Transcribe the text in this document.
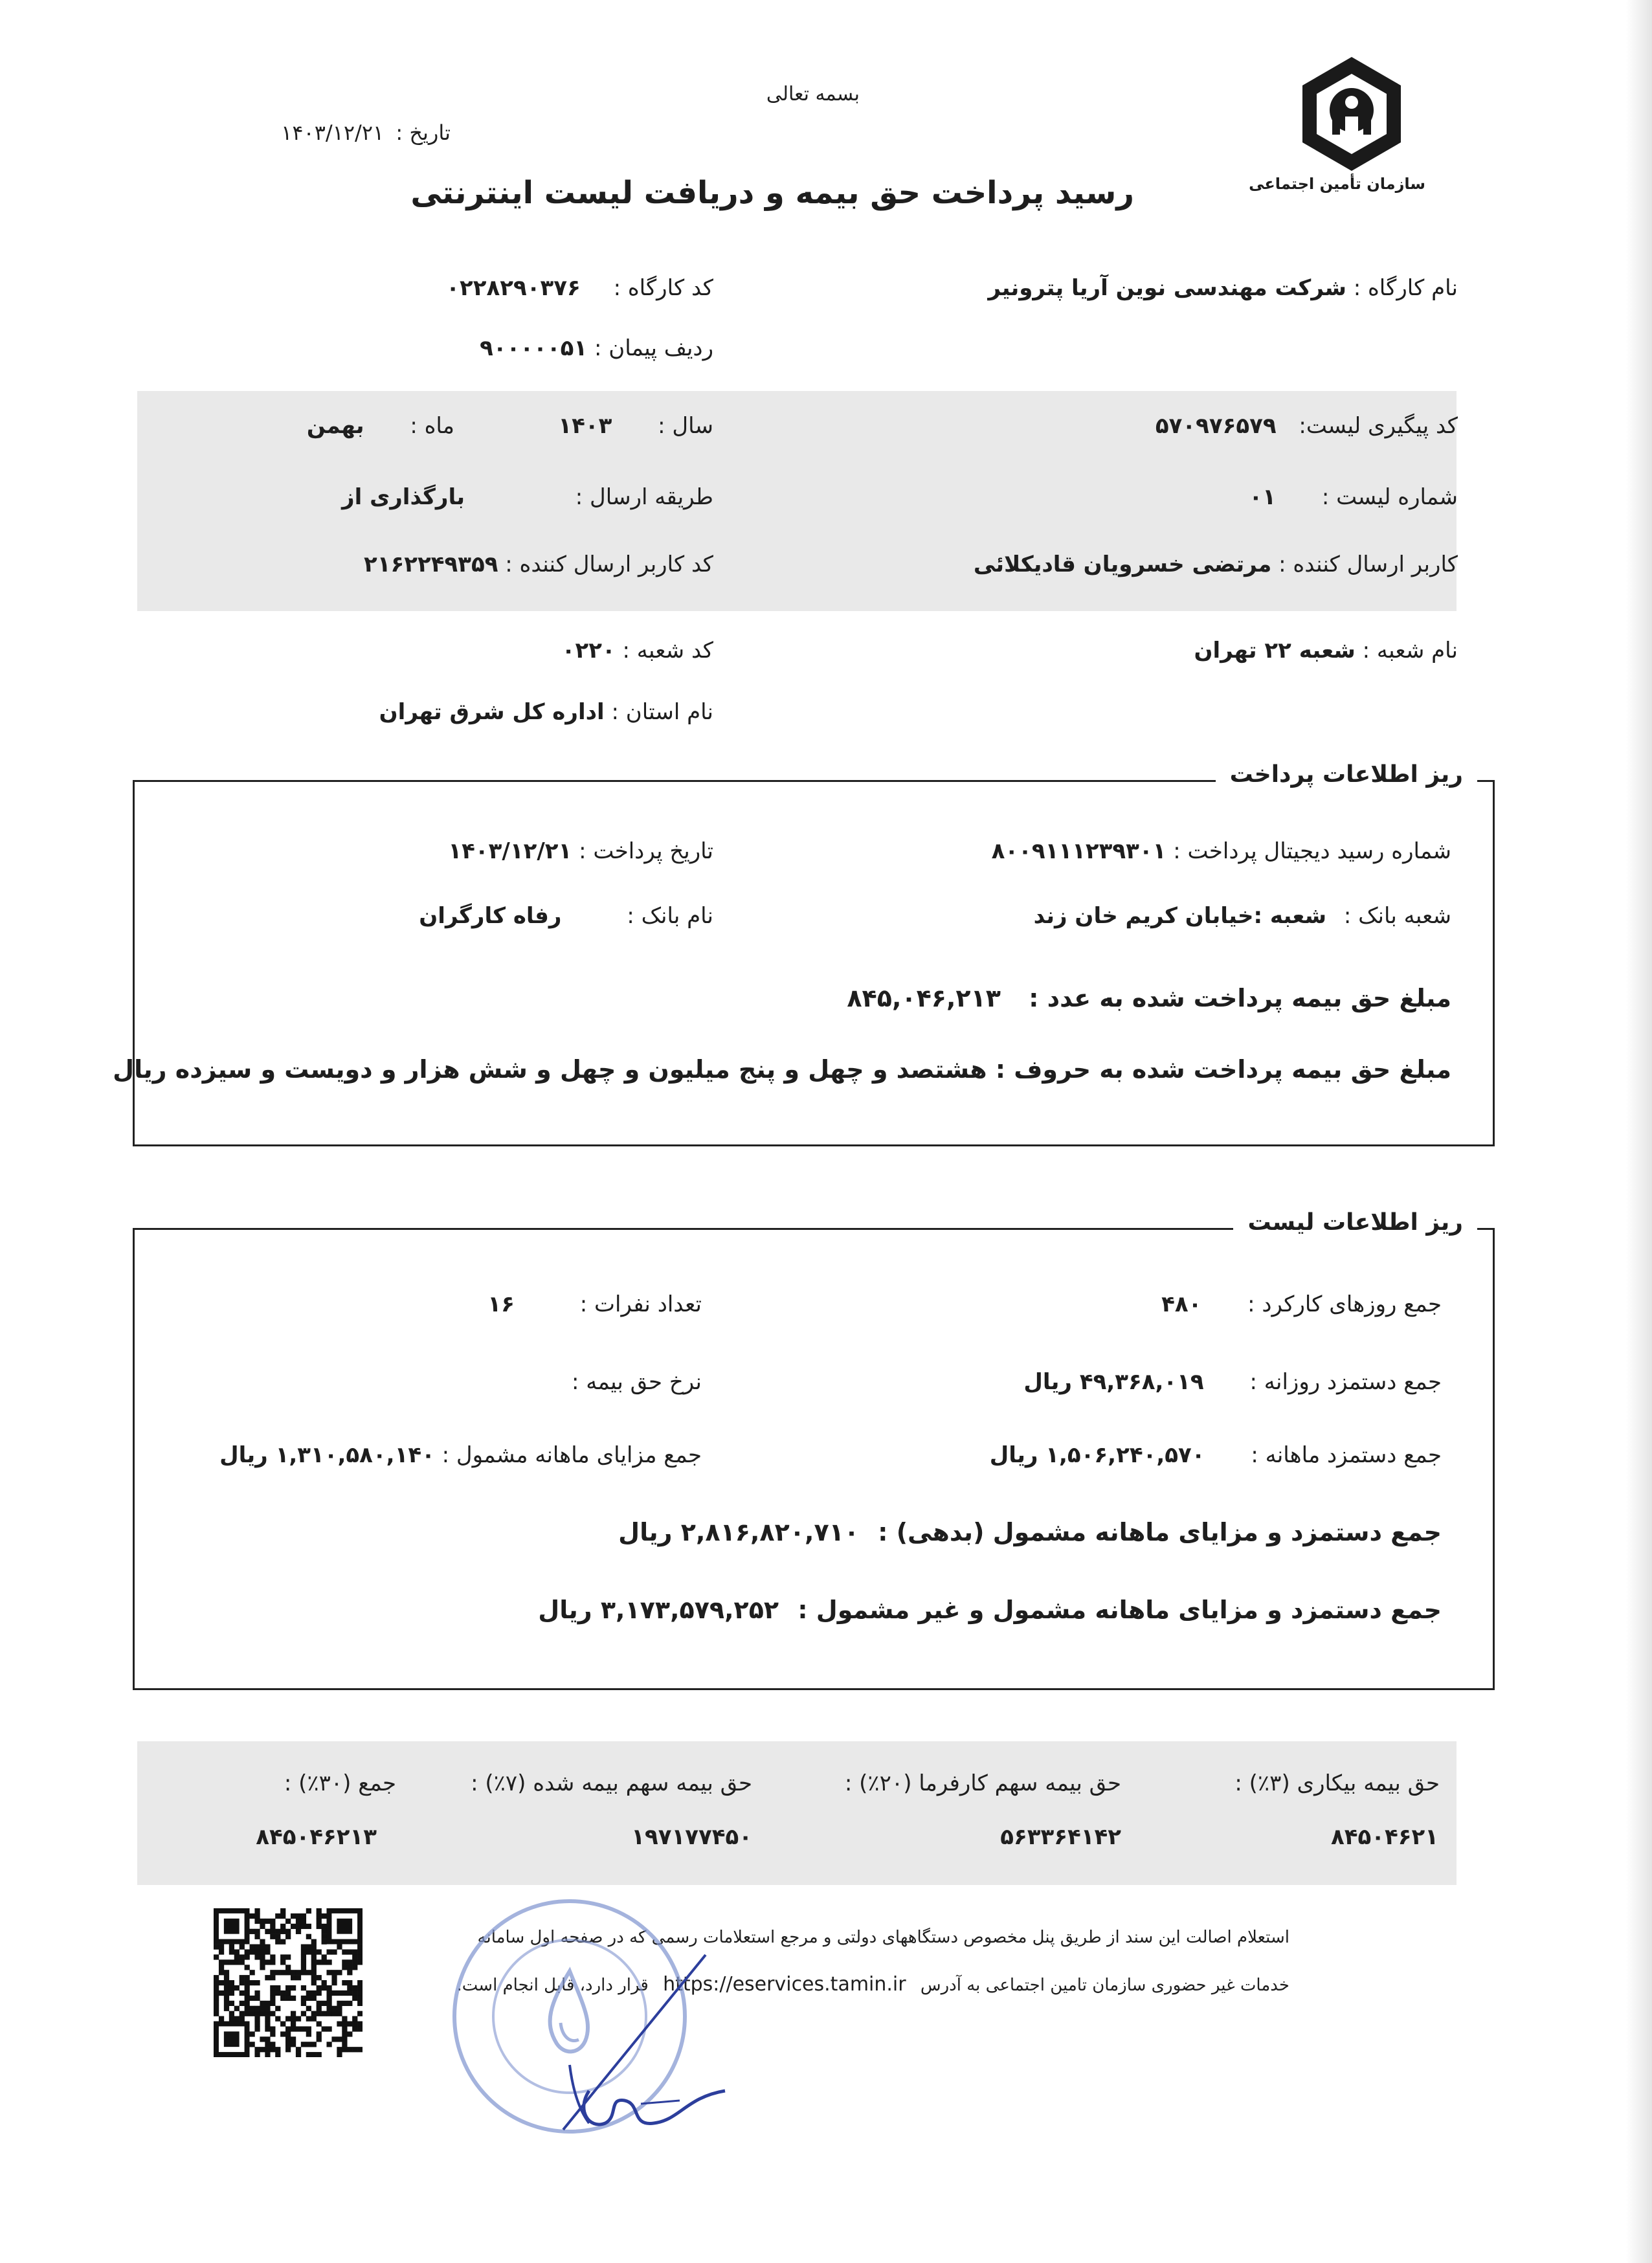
بسمه تعالی
تاریخ : ۱۴۰۳/۱۲/۲۱
رسید پرداخت حق بیمه و دریافت لیست اینترنتی	سازمان تأمین اجتماعی
نام کارگاه : شرکت مهندسی نوین آریا پترونیر
کد کارگاه : ۰۲۲۸۲۹۰۳۷۶
ردیف پیمان : ۹۰۰۰۰۰۵۱
کد پیگیری لیست: ۵۷۰۹۷۶۵۷۹
سال : ۱۴۰۳
ماه : بهمن
شماره لیست : ۰۱
طریقه ارسال : بارگذاری از
کاربر ارسال کننده : مرتضی خسرویان قادیکلائی
کد کاربر ارسال کننده : ۲۱۶۲۲۴۹۳۵۹
نام شعبه : شعبه ۲۲ تهران
کد شعبه : ۰۲۲۰
نام استان : اداره کل شرق تهران
ریز اطلاعات پرداخت
شماره رسید دیجیتال پرداخت : ۸۰۰۹۱۱۱۲۳۹۳۰۱
تاریخ پرداخت : ۱۴۰۳/۱۲/۲۱
شعبه بانک : شعبه :خیابان کریم خان زند
نام بانک : رفاه کارگران
مبلغ حق بیمه پرداخت شده به عدد : ۸۴۵,۰۴۶,۲۱۳
مبلغ حق بیمه پرداخت شده به حروف : هشتصد و چهل و پنج میلیون و چهل و شش هزار و دویست و سیزده ریال
ریز اطلاعات لیست
جمع روزهای کارکرد : ۴۸۰
تعداد نفرات : ۱۶
جمع دستمزد روزانه : ۴۹,۳۶۸,۰۱۹ ریال
نرخ حق بیمه :
جمع دستمزد ماهانه : ۱,۵۰۶,۲۴۰,۵۷۰ ریال
جمع مزایای ماهانه مشمول : ۱,۳۱۰,۵۸۰,۱۴۰ ریال
جمع دستمزد و مزایای ماهانه مشمول (بدهی) : ۲,۸۱۶,۸۲۰,۷۱۰ ریال
جمع دستمزد و مزایای ماهانه مشمول و غیر مشمول : ۳,۱۷۳,۵۷۹,۲۵۲ ریال
حق بیمه بیکاری (۳٪) :
۸۴۵۰۴۶۲۱
حق بیمه سهم کارفرما (۲۰٪) :
۵۶۳۳۶۴۱۴۲
حق بیمه سهم بیمه شده (۷٪) :
۱۹۷۱۷۷۴۵۰
جمع (۳۰٪) :
۸۴۵۰۴۶۲۱۳
استعلام اصالت این سند از طریق پنل مخصوص دستگاههای دولتی و مرجع استعلامات رسمی که در صفحه اول سامانه
خدمات غیر حضوری سازمان تامین اجتماعی به آدرس https://eservices.tamin.ir قرار دارد، قابل انجام است.
